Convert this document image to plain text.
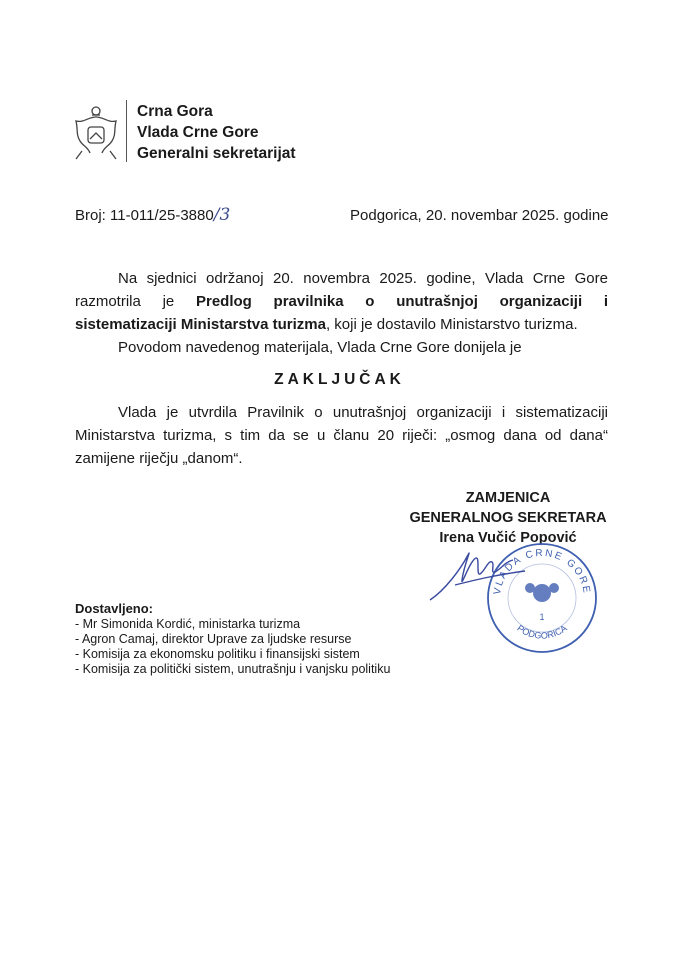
Crna Gora
Vlada Crne Gore
Generalni sekretarijat
Broj: 11-011/25-3880/3	Podgorica, 20. novembar 2025. godine
Na sjednici održanoj 20. novembra 2025. godine, Vlada Crne Gore
razmotrila je Predlog pravilnika o unutrašnjoj organizaciji i
sistematizaciji Ministarstva turizma, koji je dostavilo Ministarstvo turizma.
Povodom navedenog materijala, Vlada Crne Gore donijela je
ZAKLJUČAK
Vlada je utvrdila Pravilnik o unutrašnjoj organizaciji i sistematizaciji
Ministarstva turizma, s tim da se u članu 20 riječi: „osmog dana od dana“
zamijene riječju „danom“.
ZAMJENICA
GENERALNOG SEKRETARA
Irena Vučić Popović
VLADA CRNE GORE
PODGORICA
1
Dostavljeno:
- Mr Simonida Kordić, ministarka turizma
- Agron Camaj, direktor Uprave za ljudske resurse
- Komisija za ekonomsku politiku i finansijski sistem
- Komisija za politički sistem, unutrašnju i vanjsku politiku
